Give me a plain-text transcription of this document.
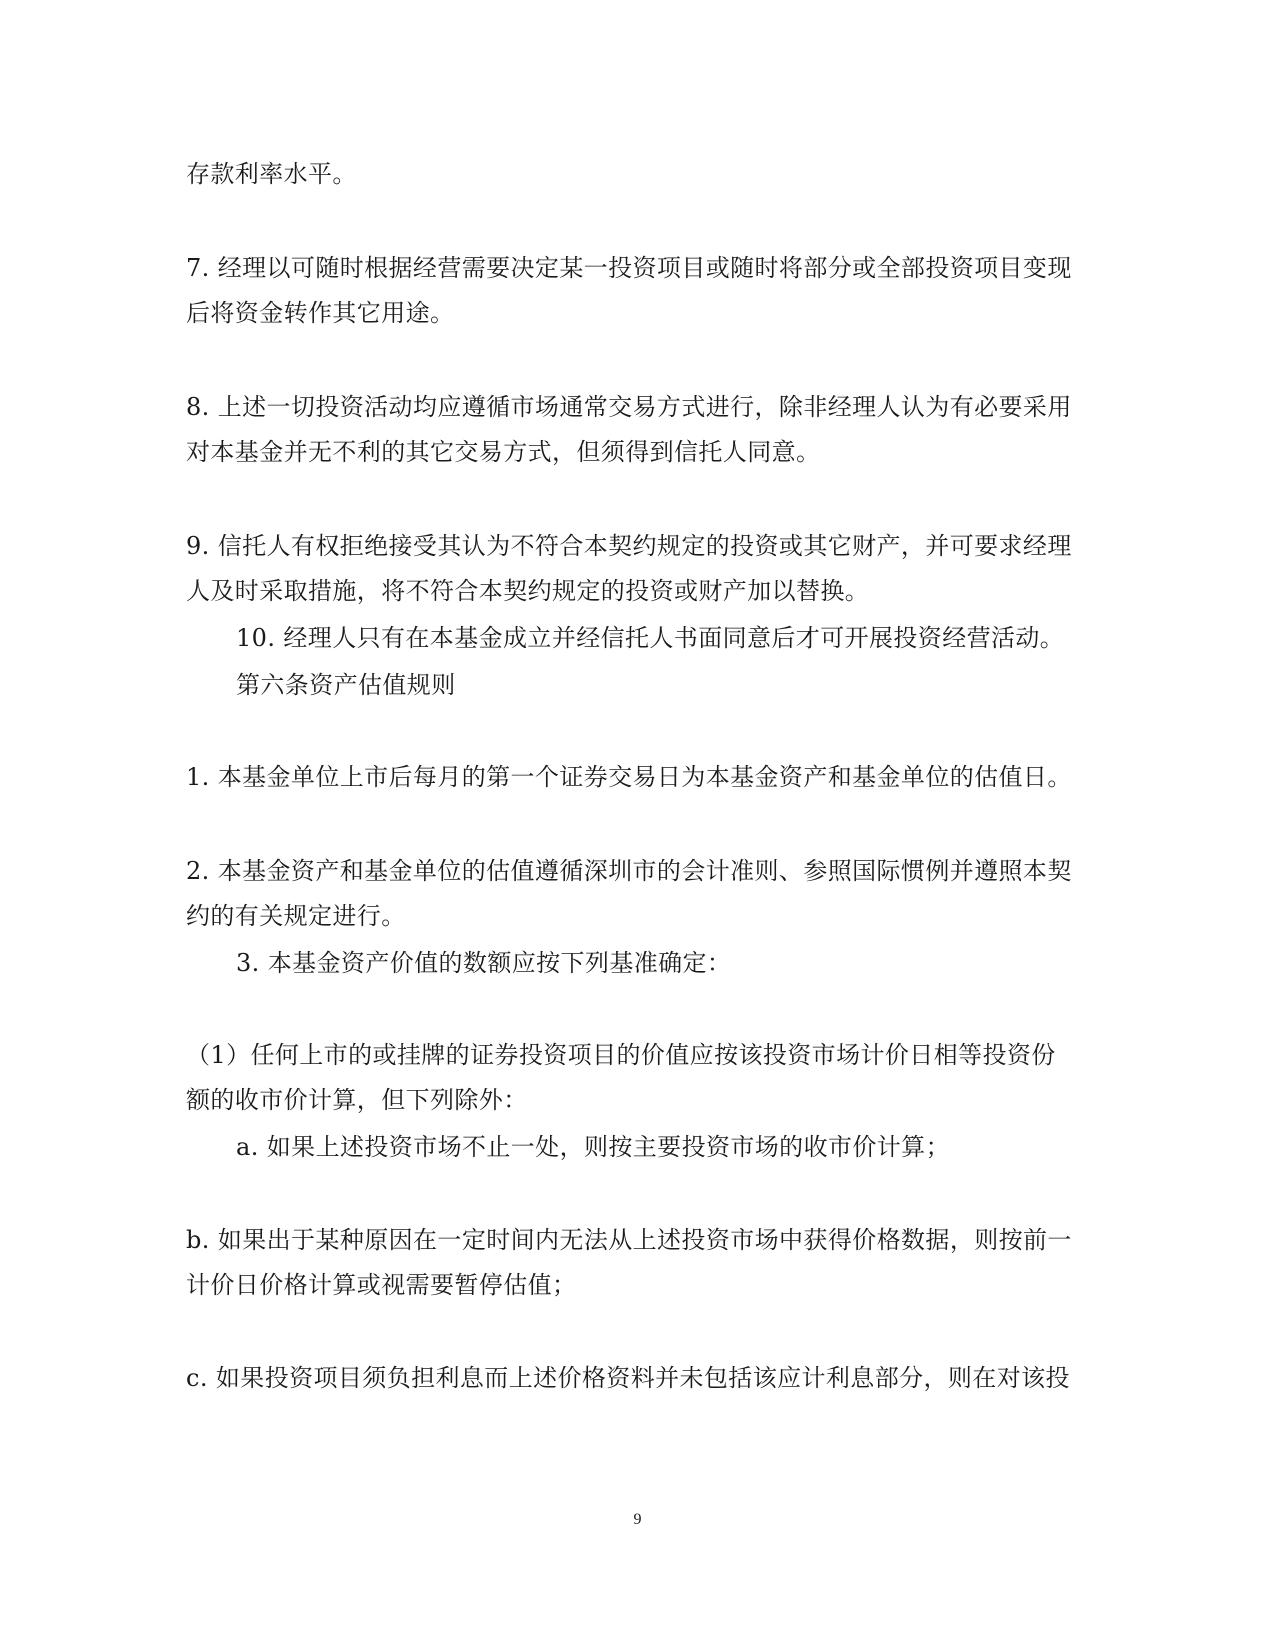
存款利率水平。
7. 经理以可随时根据经营需要决定某一投资项目或随时将部分或全部投资项目变现
后将资金转作其它用途。
8. 上述一切投资活动均应遵循市场通常交易方式进行，除非经理人认为有必要采用
对本基金并无不利的其它交易方式，但须得到信托人同意。
9. 信托人有权拒绝接受其认为不符合本契约规定的投资或其它财产，并可要求经理
人及时采取措施，将不符合本契约规定的投资或财产加以替换。
10. 经理人只有在本基金成立并经信托人书面同意后才可开展投资经营活动。
第六条资产估值规则
1. 本基金单位上市后每月的第一个证券交易日为本基金资产和基金单位的估值日。
2. 本基金资产和基金单位的估值遵循深圳市的会计准则、参照国际惯例并遵照本契
约的有关规定进行。
3. 本基金资产价值的数额应按下列基准确定：
（1）任何上市的或挂牌的证券投资项目的价值应按该投资市场计价日相等投资份
额的收市价计算，但下列除外：
a. 如果上述投资市场不止一处，则按主要投资市场的收市价计算；
b. 如果出于某种原因在一定时间内无法从上述投资市场中获得价格数据，则按前一
计价日价格计算或视需要暂停估值；
c. 如果投资项目须负担利息而上述价格资料并未包括该应计利息部分，则在对该投
9
